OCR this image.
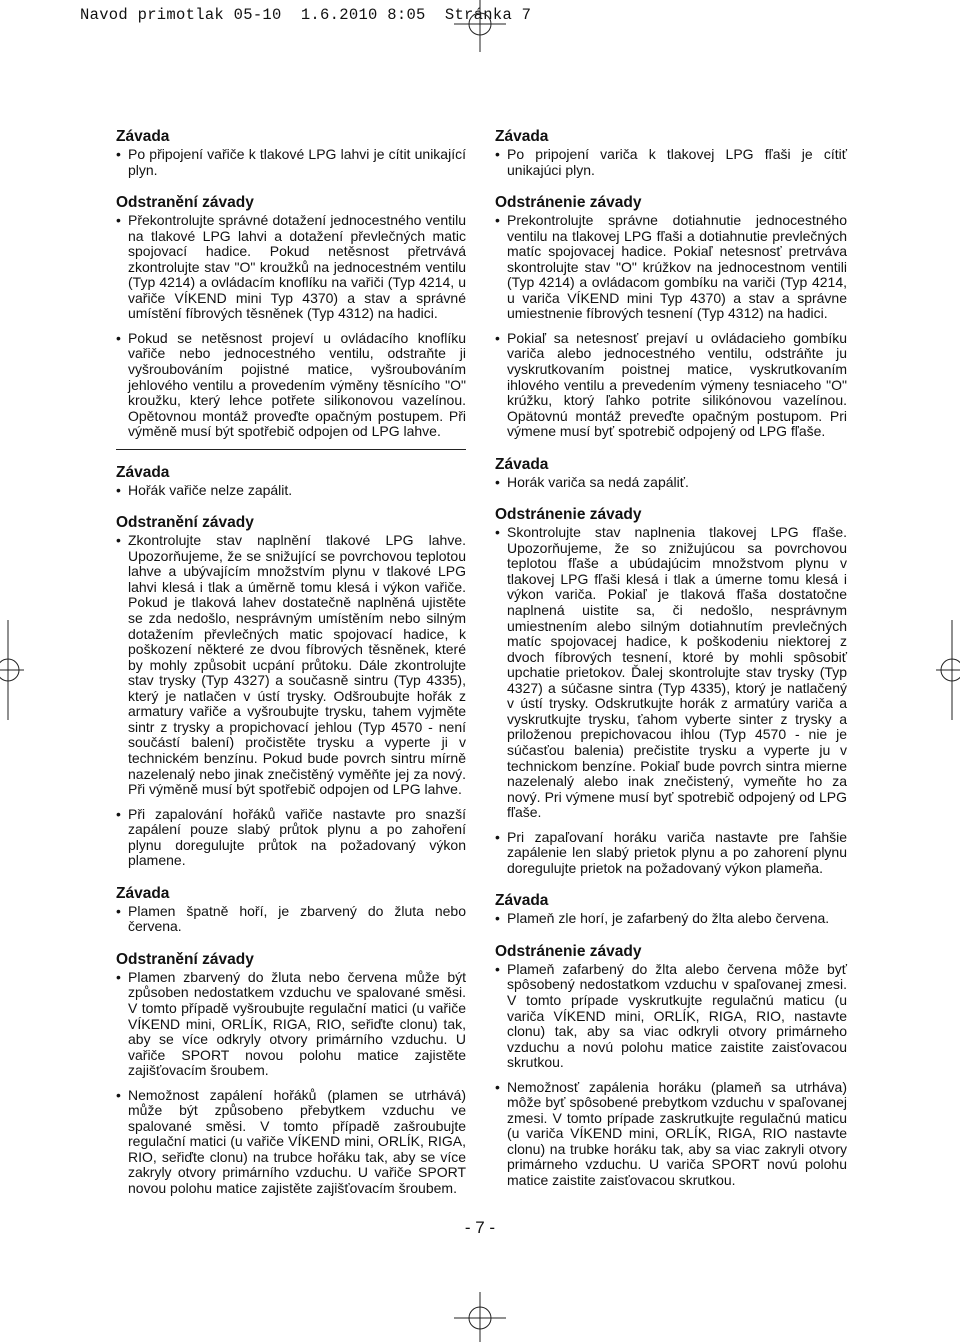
Navod primotlak 05-10  1.6.2010 8:05  Stránka 7
Závada
• Po připojení vařiče k tlakové LPG lahvi je cítit unikající plyn.
Odstranění závady
• Překontrolujte správné dotažení jednocestného ventilu na tlakové LPG lahvi a dotažení převlečných matic spojovací hadice. Pokud netěsnost přetrvává zkontrolujte stav "O" kroužků na jednocestném ventilu (Typ 4214) a ovládacím knoflíku na vařiči (Typ 4214, u vařiče VÍKEND mini Typ 4370) a stav a správné umístění fíbrových těsněnek (Typ 4312) na hadici.
• Pokud se netěsnost projeví u ovládacího knoflíku vařiče nebo jednocestného ventilu, odstraňte ji vyšroubováním pojistné matice, vyšroubováním jehlového ventilu a provedením výměny těsnícího "O" kroužku, který lehce potřete silikonovou vazelínou. Opětovnou montáž proveďte opačným postupem. Při výměně musí být spotřebič odpojen od LPG lahve.
Závada
• Hořák vařiče nelze zapálit.
Odstranění závady
• Zkontrolujte stav naplnění tlakové LPG lahve. Upozorňujeme, že se snižující se povrchovou teplotou lahve a ubývajícím množstvím plynu v tlakové LPG lahvi klesá i tlak a úměrně tomu klesá i výkon vařiče. Pokud je tlaková lahev dostatečně naplněná ujistěte se zda nedošlo, nesprávným umístěním nebo silným dotažením převlečných matic spojovací hadice, k poškození některé ze dvou fíbrových těsněnek, které by mohly způsobit ucpání průtoku. Dále zkontrolujte stav trysky (Typ 4327) a současně sintru (Typ 4335), který je natlačen v ústí trysky. Odšroubujte hořák z armatury vařiče a vyšroubujte trysku, tahem vyjměte sintr z trysky a propichovací jehlou (Typ 4570 - není součástí balení) pročistěte trysku a vyperte ji v technickém benzínu. Pokud bude povrch sintru mírně nazelenalý nebo jinak znečistěný vyměňte jej za nový. Při výměně musí být spotřebič odpojen od LPG lahve.
• Při zapalování hořáků vařiče nastavte pro snazší zapálení pouze slabý průtok plynu a po zahoření plynu doregulujte průtok na požadovaný výkon plamene.
Závada
• Plamen špatně hoří, je zbarvený do žluta nebo červena.
Odstranění závady
• Plamen zbarvený do žluta nebo červena může být způsoben nedostatkem vzduchu ve spalované směsi. V tomto případě vyšroubujte regulační matici (u vařiče VÍKEND mini, ORLÍK, RIGA, RIO, seřiďte clonu) tak, aby se více odkryly otvory primárního vzduchu. U vařiče SPORT novou polohu matice zajistěte zajišťovacím šroubem.
• Nemožnost zapálení hořáků (plamen se utrhává) může být způsobeno přebytkem vzduchu ve spalované směsi. V tomto případě zašroubujte regulační matici (u vařiče VÍKEND mini, ORLÍK, RIGA, RIO, seřiďte clonu) na trubce hořáku tak, aby se více zakryly otvory primárního vzduchu. U vařiče SPORT novou polohu matice zajistěte zajišťovacím šroubem.
Závada
• Po pripojení variča k tlakovej LPG fľaši je cítiť unikajúci plyn.
Odstránenie závady
• Prekontrolujte správne dotiahnutie jednocestného ventilu na tlakovej LPG fľaši a dotiahnutie prevlečných matíc spojovacej hadice. Pokiaľ netesnosť pretrváva skontrolujte stav "O" krúžkov na jednocestnom ventili (Typ 4214) a ovládacom gombíku na variči (Typ 4214, u variča VÍKEND mini Typ 4370) a stav a správne umiestnenie fíbrových tesnení (Typ 4312) na hadici.
• Pokiaľ sa netesnosť prejaví u ovládacieho gombíku variča alebo jednocestného ventilu, odstráňte ju vyskrutkovaním poistnej matice, vyskrutkovaním ihlového ventilu a prevedením výmeny tesniaceho "O" krúžku, ktorý ľahko potrite silikónovou vazelínou. Opätovnú montáž preveďte opačným postupom. Pri výmene musí byť spotrebič odpojený od LPG fľaše.
Závada
• Horák variča sa nedá zapáliť.
Odstránenie závady
• Skontrolujte stav naplnenia tlakovej LPG fľaše. Upozorňujeme, že so znižujúcou sa povrchovou teplotou fľaše a ubúdajúcim množstvom plynu v tlakovej LPG fľaši klesá i tlak a úmerne tomu klesá i výkon variča. Pokiaľ je tlaková fľaša dostatočne naplnená uistite sa, či nedošlo, nesprávnym umiestnením alebo silným dotiahnutím prevlečných matíc spojovacej hadice, k poškodeniu niektorej z dvoch fíbrových tesnení, ktoré by mohli spôsobiť upchatie prietokov. Ďalej skontrolujte stav trysky (Typ 4327) a súčasne sintra (Typ 4335), ktorý je natlačený v ústí trysky. Odskrutkujte horák z armatúry variča a vyskrutkujte trysku, ťahom vyberte sinter z trysky a priloženou prepichovacou ihlou (Typ 4570 - nie je súčasťou balenia) prečistite trysku a vyperte ju v technickom benzíne. Pokiaľ bude povrch sintra mierne nazelenalý alebo inak znečistený, vymeňte ho za nový. Pri výmene musí byť spotrebič odpojený od LPG fľaše.
• Pri zapaľovaní horáku variča nastavte pre ľahšie zapálenie len slabý prietok plynu a po zahorení plynu doregulujte prietok na požadovaný výkon plameňa.
Závada
• Plameň zle horí, je zafarbený do žlta alebo červena.
Odstránenie závady
• Plameň zafarbený do žlta alebo červena môže byť spôsobený nedostatkom vzduchu v spaľovanej zmesi. V tomto prípade vyskrutkujte regulačnú maticu (u variča VÍKEND mini, ORLÍK, RIGA, RIO, nastavte clonu) tak, aby sa viac odkryli otvory primárneho vzduchu a novú polohu matice zaistite zaisťovacou skrutkou.
• Nemožnosť zapálenia horáku (plameň sa utrháva) môže byť spôsobené prebytkom vzduchu v spaľovanej zmesi. V tomto prípade zaskrutkujte regulačnú maticu (u variča VÍKEND mini, ORLÍK, RIGA, RIO nastavte clonu) na trubke horáku tak, aby sa viac zakryli otvory primárneho vzduchu. U variča SPORT novú polohu matice zaistite zaisťovacou skrutkou.
- 7 -
